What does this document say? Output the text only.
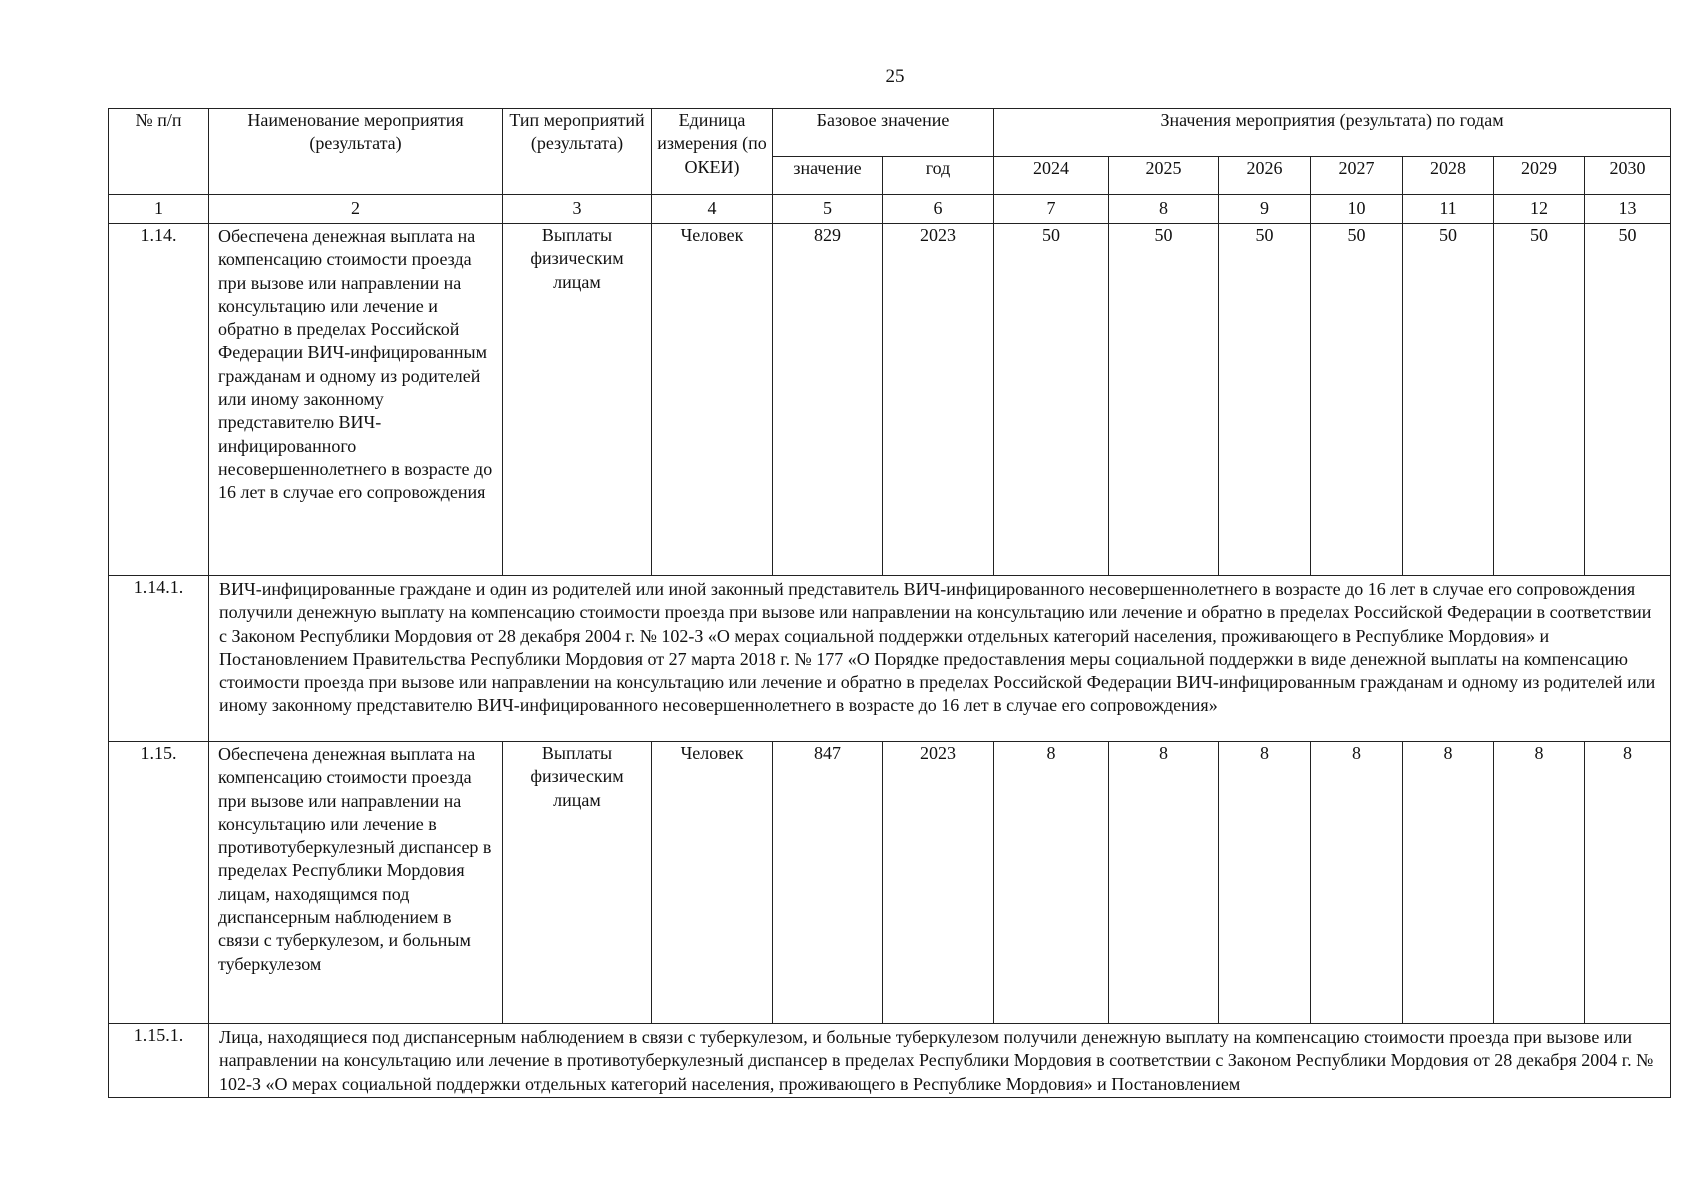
25
№ п/п	Наименование мероприятия (результата)	Тип мероприятий (результата)	Единица измерения (по ОКЕИ)	Базовое значение		Значения мероприятия (результата) по годам						
				значение	год	2024	2025	2026	2027	2028	2029	2030
1	2	3	4	5	6	7	8	9	10	11	12	13
1.14.	Обеспечена денежная выплата на компенсацию стоимости проезда при вызове или направлении на консультацию или лечение и обратно в пределах Российской Федерации ВИЧ-инфицированным гражданам и одному из родителей или иному законному представителю ВИЧ-инфицированного несовершеннолетнего в возрасте до 16 лет в случае его сопровождения	Выплаты физическим лицам	Человек	829	2023	50	50	50	50	50	50	50
1.14.1.	ВИЧ-инфицированные граждане и один из родителей или иной законный представитель ВИЧ-инфицированного несовершеннолетнего в возрасте до 16 лет в случае его сопровождения получили денежную выплату на компенсацию стоимости проезда при вызове или направлении на консультацию или лечение и обратно в пределах Российской Федерации в соответствии с Законом Республики Мордовия от 28 декабря 2004 г. № 102-З «О мерах социальной поддержки отдельных категорий населения, проживающего в Республике Мордовия» и Постановлением Правительства Республики Мордовия от 27 марта 2018 г. № 177 «О Порядке предоставления меры социальной поддержки в виде денежной выплаты на компенсацию стоимости проезда при вызове или направлении на консультацию или лечение и обратно в пределах Российской Федерации ВИЧ-инфицированным гражданам и одному из родителей или иному законному представителю ВИЧ-инфицированного несовершеннолетнего в возрасте до 16 лет в случае его сопровождения»											
1.15.	Обеспечена денежная выплата на компенсацию стоимости проезда при вызове или направлении на консультацию или лечение в противотуберкулезный диспансер в пределах Республики Мордовия лицам, находящимся под диспансерным наблюдением в связи с туберкулезом, и больным туберкулезом	Выплаты физическим лицам	Человек	847	2023	8	8	8	8	8	8	8
1.15.1.	Лица, находящиеся под диспансерным наблюдением в связи с туберкулезом, и больные туберкулезом получили денежную выплату на компенсацию стоимости проезда при вызове или направлении на консультацию или лечение в противотуберкулезный диспансер в пределах Республики Мордовия в соответствии с Законом Республики Мордовия от 28 декабря 2004 г. № 102-З «О мерах социальной поддержки отдельных категорий населения, проживающего в Республике Мордовия» и Постановлением											
